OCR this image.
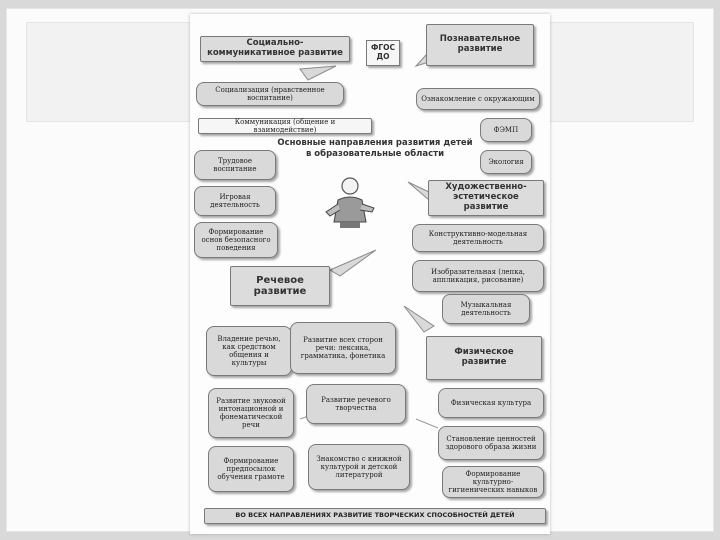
Социально-коммуникативное развитие
ФГОС ДО
Познавательное развитие
Социализация (нравственное воспитание)
Коммуникация (общение и взаимодействие)
Ознакомление с окружающим
ФЭМП
Экология
Основные направления развития детей в образовательные области
Трудовое воспитание
Игровая деятельность
Формирование основ безопасного поведения
Художественно-эстетическое развитие
Конструктивно-модельная деятельность
Изобразительная (лепка, аппликация, рисование)
Музыкальная деятельность
Речевое развитие
Владение речью, как средством общения и культуры
Развитие всех сторон речи: лексика, грамматика, фонетика	Физическое развитие
Развитие звуковой интонационной и фонематической речи
Развитие речевого творчества
Физическая культура
Формирование предпосылок обучения грамоте
Знакомство с книжной культурой и детской литературой
Становление ценностей здорового образа жизни
Формирование культурно-гигиенических навыков
ВО ВСЕХ НАПРАВЛЕНИЯХ РАЗВИТИЕ ТВОРЧЕСКИХ СПОСОБНОСТЕЙ ДЕТЕЙ
